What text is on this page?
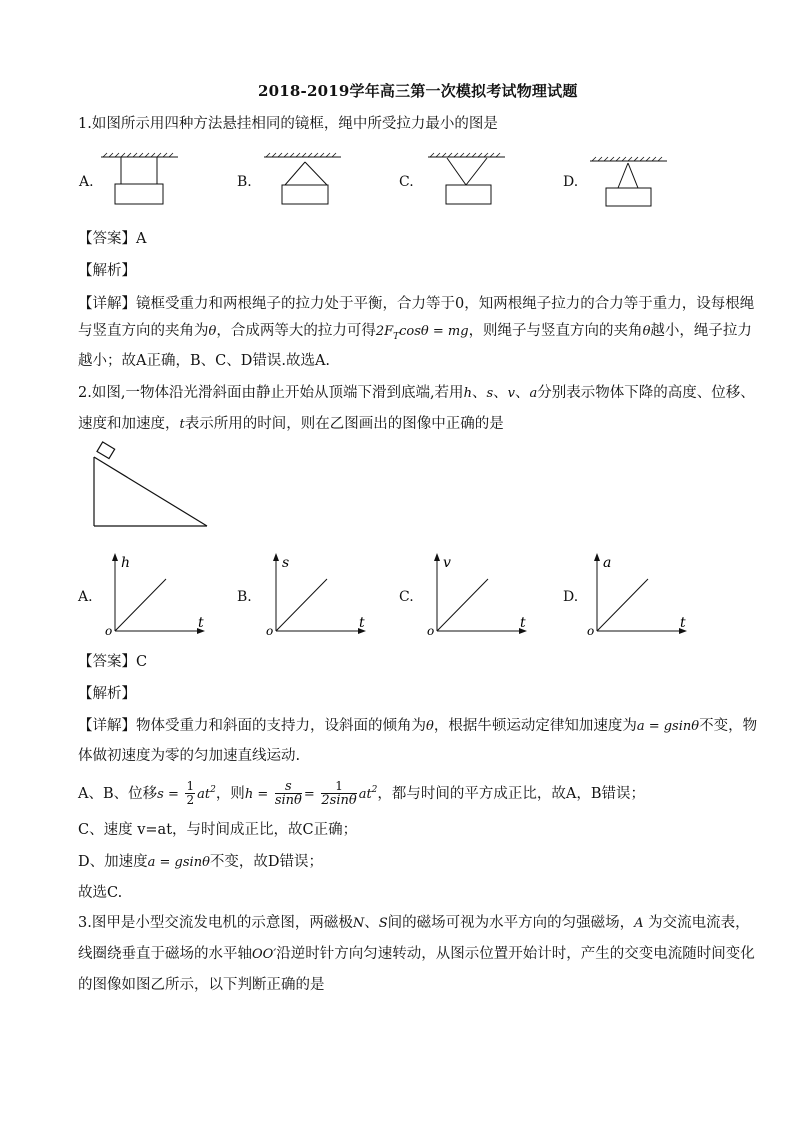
2018-2019学年高三第一次模拟考试物理试题
1.如图所示用四种方法悬挂相同的镜框，绳中所受拉力最小的图是
A.	B.	C.	D.
【答案】A
【解析】
【详解】镜框受重力和两根绳子的拉力处于平衡，合力等于0，知两根绳子拉力的合力等于重力，设每根绳
与竖直方向的夹角为θ，合成两等大的拉力可得$2F_T\cos\theta$ = mg，则绳子与竖直方向的夹角θ越小，绳子拉力
越小；故A正确，B、C、D错误.故选A.
2.如图,一物体沿光滑斜面由静止开始从顶端下滑到底端,若用h、s、v、a分别表示物体下降的高度、位移、
速度和加速度，t表示所用的时间，则在乙图画出的图像中正确的是
A.
h
t
o
B.
s
t
o
C.
v
t
o
D.
a
t
o
【答案】C
【解析】
【详解】物体受重力和斜面的支持力，设斜面的倾角为θ，根据牛顿运动定律知加速度为a = gsinθ不变，物
体做初速度为零的匀加速直线运动.
A、B、位移$s = \frac{1}{2} at^2$，则$h = \frac{s}{\sin\theta} = \frac{1}{2\sin\theta} at^2$，都与时间的平方成正比，故A，B错误；
C、速度 v=at，与时间成正比，故C正确；
D、加速度a = gsinθ不变，故D错误；
故选C.
3.图甲是小型交流发电机的示意图，两磁极N、S间的磁场可视为水平方向的匀强磁场，A 为交流电流表，
线圈绕垂直于磁场的水平轴OO′沿逆时针方向匀速转动，从图示位置开始计时，产生的交变电流随时间变化
的图像如图乙所示，以下判断正确的是
